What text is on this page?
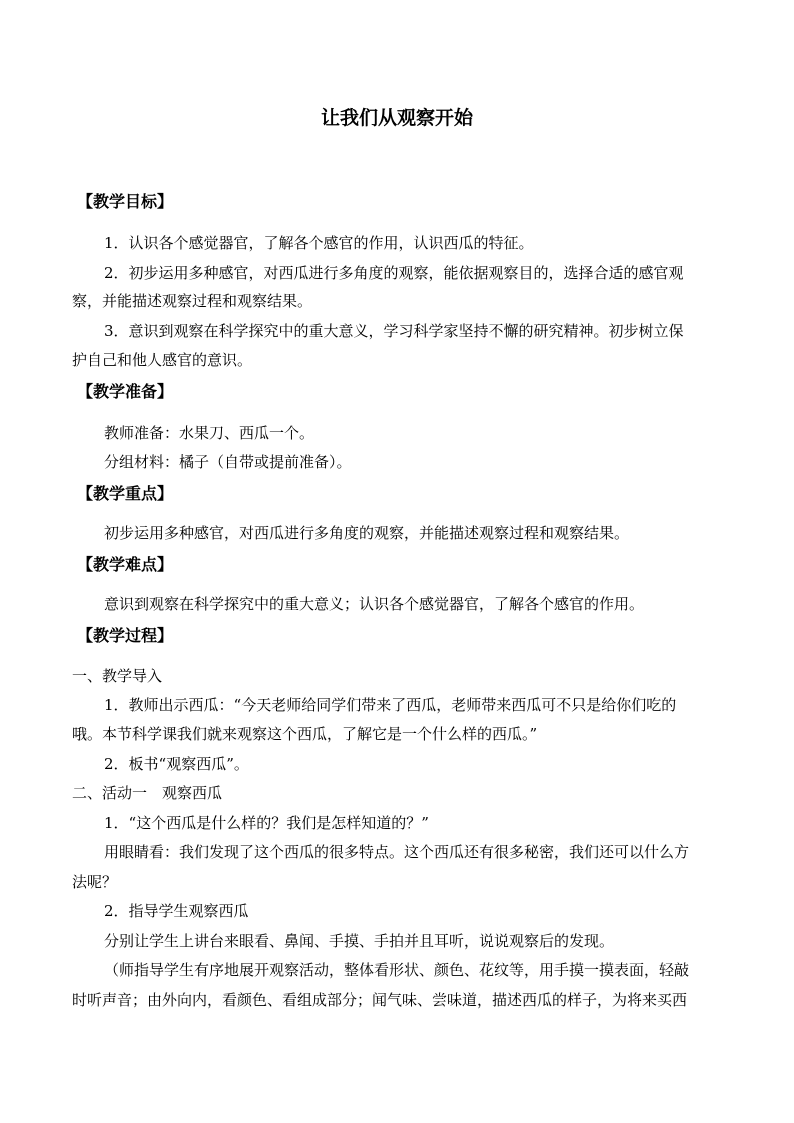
让我们从观察开始
【教学目标】
1．认识各个感觉器官，了解各个感官的作用，认识西瓜的特征。
2．初步运用多种感官，对西瓜进行多角度的观察，能依据观察目的，选择合适的感官观
察，并能描述观察过程和观察结果。
3．意识到观察在科学探究中的重大意义，学习科学家坚持不懈的研究精神。初步树立保
护自己和他人感官的意识。
【教学准备】
教师准备：水果刀、西瓜一个。
分组材料：橘子（自带或提前准备）。
【教学重点】
初步运用多种感官，对西瓜进行多角度的观察，并能描述观察过程和观察结果。
【教学难点】
意识到观察在科学探究中的重大意义；认识各个感觉器官，了解各个感官的作用。
【教学过程】
一、教学导入
1．教师出示西瓜：“今天老师给同学们带来了西瓜，老师带来西瓜可不只是给你们吃的
哦。本节科学课我们就来观察这个西瓜，了解它是一个什么样的西瓜。”
2．板书“观察西瓜”。
二、活动一　观察西瓜
1．“这个西瓜是什么样的？我们是怎样知道的？”
用眼睛看：我们发现了这个西瓜的很多特点。这个西瓜还有很多秘密，我们还可以什么方
法呢？
2．指导学生观察西瓜
分别让学生上讲台来眼看、鼻闻、手摸、手拍并且耳听，说说观察后的发现。
（师指导学生有序地展开观察活动，整体看形状、颜色、花纹等，用手摸一摸表面，轻敲
时听声音；由外向内，看颜色、看组成部分；闻气味、尝味道，描述西瓜的样子，为将来买西
